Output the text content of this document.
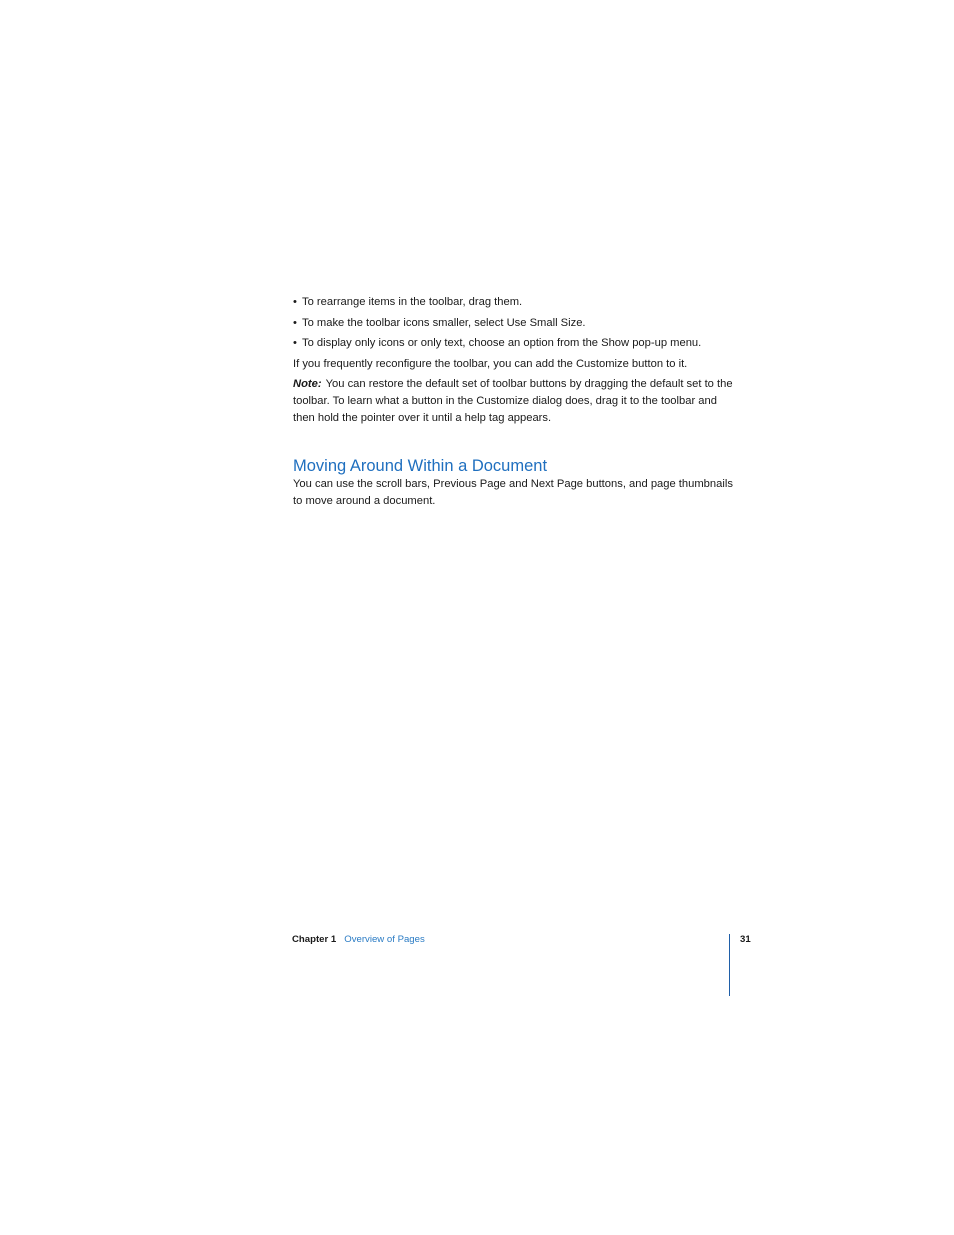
• To rearrange items in the toolbar, drag them.
• To make the toolbar icons smaller, select Use Small Size.
• To display only icons or only text, choose an option from the Show pop-up menu.

If you frequently reconfigure the toolbar, you can add the Customize button to it.

Note: You can restore the default set of toolbar buttons by dragging the default set to the toolbar. To learn what a button in the Customize dialog does, drag it to the toolbar and then hold the pointer over it until a help tag appears.

Moving Around Within a Document

You can use the scroll bars, Previous Page and Next Page buttons, and page thumbnails to move around a document.

Chapter 1 Overview of Pages	31
